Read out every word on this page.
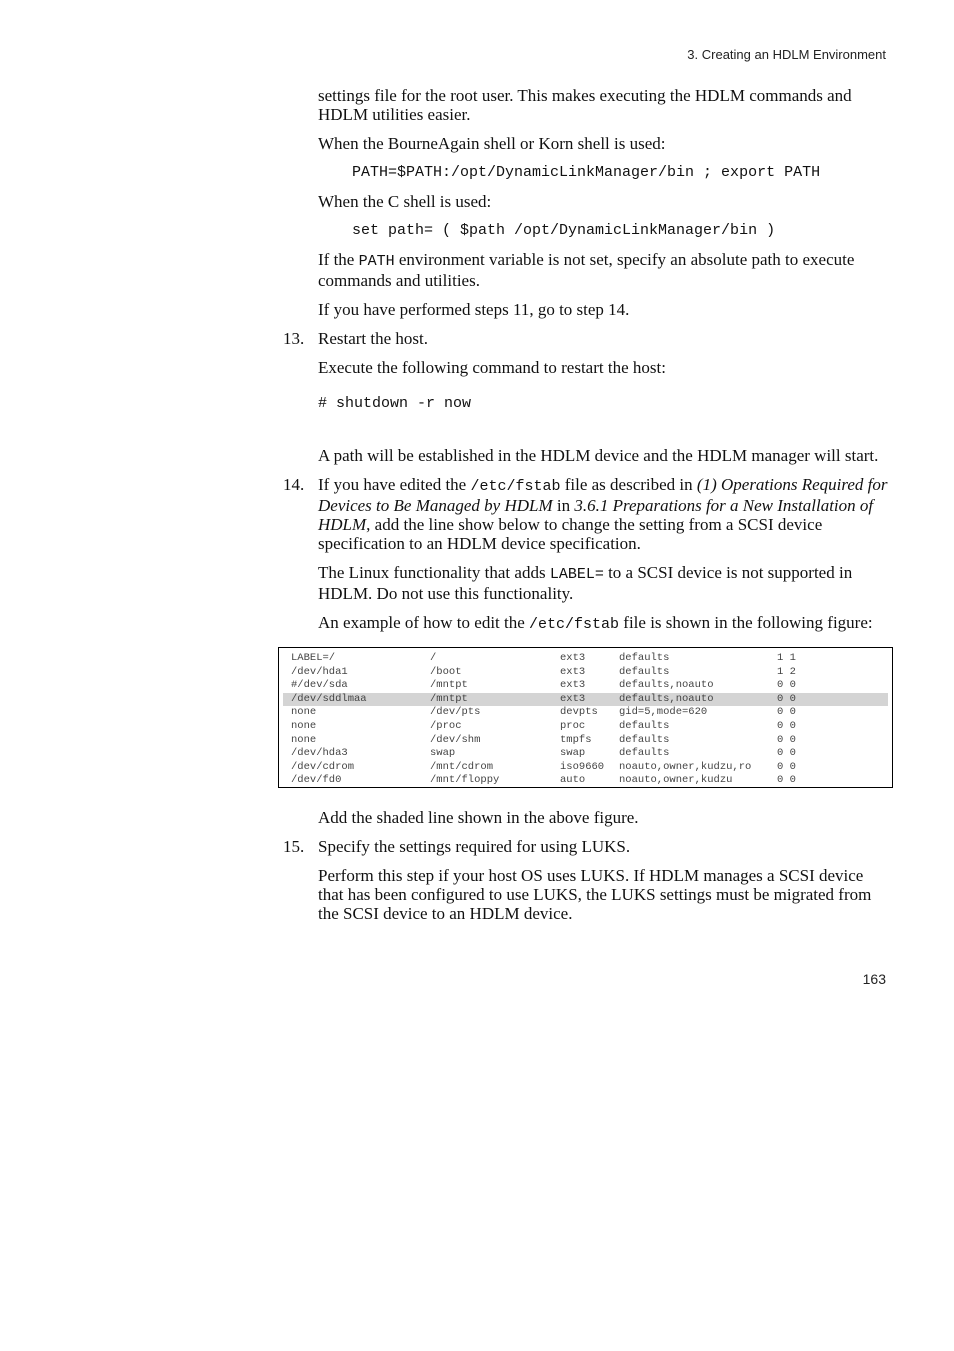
3. Creating an HDLM Environment

settings file for the root user. This makes executing the HDLM commands and HDLM utilities easier.

When the BourneAgain shell or Korn shell is used:

PATH=$PATH:/opt/DynamicLinkManager/bin ; export PATH

When the C shell is used:

set path= ( $path /opt/DynamicLinkManager/bin )

If the PATH environment variable is not set, specify an absolute path to execute commands and utilities.

If you have performed steps 11, go to step 14.

13. Restart the host.

Execute the following command to restart the host:

# shutdown -r now

A path will be established in the HDLM device and the HDLM manager will start.

14. If you have edited the /etc/fstab file as described in (1) Operations Required for Devices to Be Managed by HDLM in 3.6.1 Preparations for a New Installation of HDLM, add the line show below to change the setting from a SCSI device specification to an HDLM device specification.

The Linux functionality that adds LABEL= to a SCSI device is not supported in HDLM. Do not use this functionality.

An example of how to edit the /etc/fstab file is shown in the following figure:

LABEL=/	/	ext3	defaults	1 1
/dev/hda1	/boot	ext3	defaults	1 2
#/dev/sda	/mntpt	ext3	defaults,noauto	0 0
/dev/sddlmaa	/mntpt	ext3	defaults,noauto	0 0
none	/dev/pts	devpts gid=5,mode=620	0 0
none	/proc	proc	defaults	0 0
none	/dev/shm	tmpfs	defaults	0 0
/dev/hda3	swap	swap	defaults	0 0
/dev/cdrom	/mnt/cdrom	iso9660 noauto,owner,kudzu,ro 0 0
/dev/fd0	/mnt/floppy	auto	noauto,owner,kudzu	0 0

Add the shaded line shown in the above figure.

15. Specify the settings required for using LUKS.

Perform this step if your host OS uses LUKS. If HDLM manages a SCSI device that has been configured to use LUKS, the LUKS settings must be migrated from the SCSI device to an HDLM device.

163
